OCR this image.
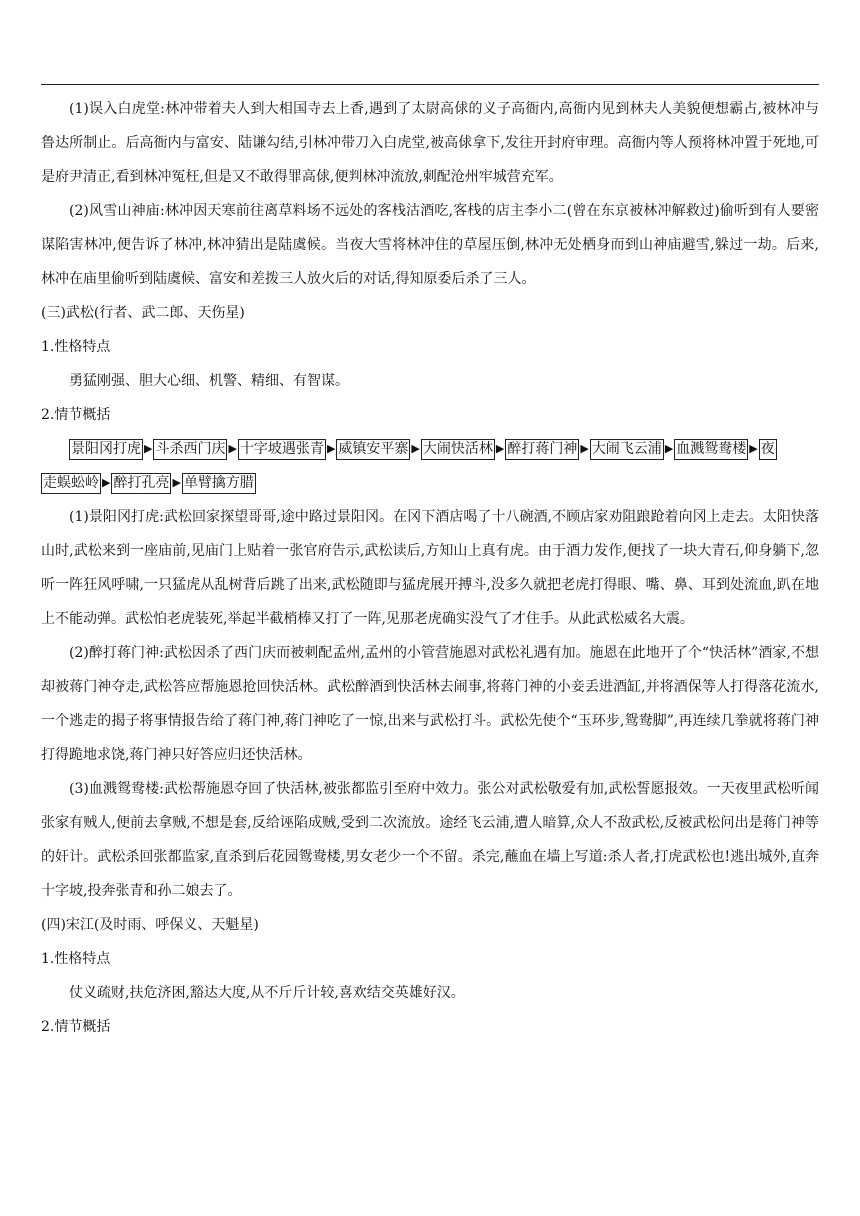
(1)误入白虎堂:林冲带着夫人到大相国寺去上香,遇到了太尉高俅的义子高衙内,高衙内见到林夫人美貌便想霸占,被林冲与鲁达所制止。后高衙内与富安、陆谦勾结,引林冲带刀入白虎堂,被高俅拿下,发往开封府审理。高衙内等人预将林冲置于死地,可是府尹清正,看到林冲冤枉,但是又不敢得罪高俅,便判林冲流放,刺配沧州牢城营充军。

(2)风雪山神庙:林冲因天寒前往离草料场不远处的客栈沽酒吃,客栈的店主李小二(曾在东京被林冲解救过)偷听到有人要密谋陷害林冲,便告诉了林冲,林冲猜出是陆虞候。当夜大雪将林冲住的草屋压倒,林冲无处栖身而到山神庙避雪,躲过一劫。后来,林冲在庙里偷听到陆虞候、富安和差拨三人放火后的对话,得知原委后杀了三人。

(三)武松(行者、武二郎、天伤星)

1.性格特点

勇猛刚强、胆大心细、机警、精细、有智谋。

2.情节概括

景阳冈打虎 ▶ 斗杀西门庆 ▶ 十字坡遇张青 ▶ 威镇安平寨 ▶ 大闹快活林 ▶ 醉打蒋门神 ▶ 大闹飞云浦 ▶ 血溅鸳鸯楼 ▶ 夜
走蜈蚣岭 ▶ 醉打孔亮 ▶ 单臂擒方腊

(1)景阳冈打虎:武松回家探望哥哥,途中路过景阳冈。在冈下酒店喝了十八碗酒,不顾店家劝阻踉跄着向冈上走去。太阳快落山时,武松来到一座庙前,见庙门上贴着一张官府告示,武松读后,方知山上真有虎。由于酒力发作,便找了一块大青石,仰身躺下,忽听一阵狂风呼啸,一只猛虎从乱树背后跳了出来,武松随即与猛虎展开搏斗,没多久就把老虎打得眼、嘴、鼻、耳到处流血,趴在地上不能动弹。武松怕老虎装死,举起半截梢棒又打了一阵,见那老虎确实没气了才住手。从此武松威名大震。

(2)醉打蒋门神:武松因杀了西门庆而被刺配孟州,孟州的小管营施恩对武松礼遇有加。施恩在此地开了个“快活林”酒家,不想却被蒋门神夺走,武松答应帮施恩抢回快活林。武松醉酒到快活林去闹事,将蒋门神的小妾丢进酒缸,并将酒保等人打得落花流水,一个逃走的揭子将事情报告给了蒋门神,蒋门神吃了一惊,出来与武松打斗。武松先使个“玉环步,鸳鸯脚”,再连续几拳就将蒋门神打得跪地求饶,蒋门神只好答应归还快活林。

(3)血溅鸳鸯楼:武松帮施恩夺回了快活林,被张都监引至府中效力。张公对武松敬爱有加,武松誓愿报效。一天夜里武松听闻张家有贼人,便前去拿贼,不想是套,反给诬陷成贼,受到二次流放。途经飞云浦,遭人暗算,众人不敌武松,反被武松问出是蒋门神等的奸计。武松杀回张都监家,直杀到后花园鸳鸯楼,男女老少一个不留。杀完,蘸血在墙上写道:杀人者,打虎武松也!逃出城外,直奔十字坡,投奔张青和孙二娘去了。

(四)宋江(及时雨、呼保义、天魁星)

1.性格特点

仗义疏财,扶危济困,豁达大度,从不斤斤计较,喜欢结交英雄好汉。

2.情节概括
